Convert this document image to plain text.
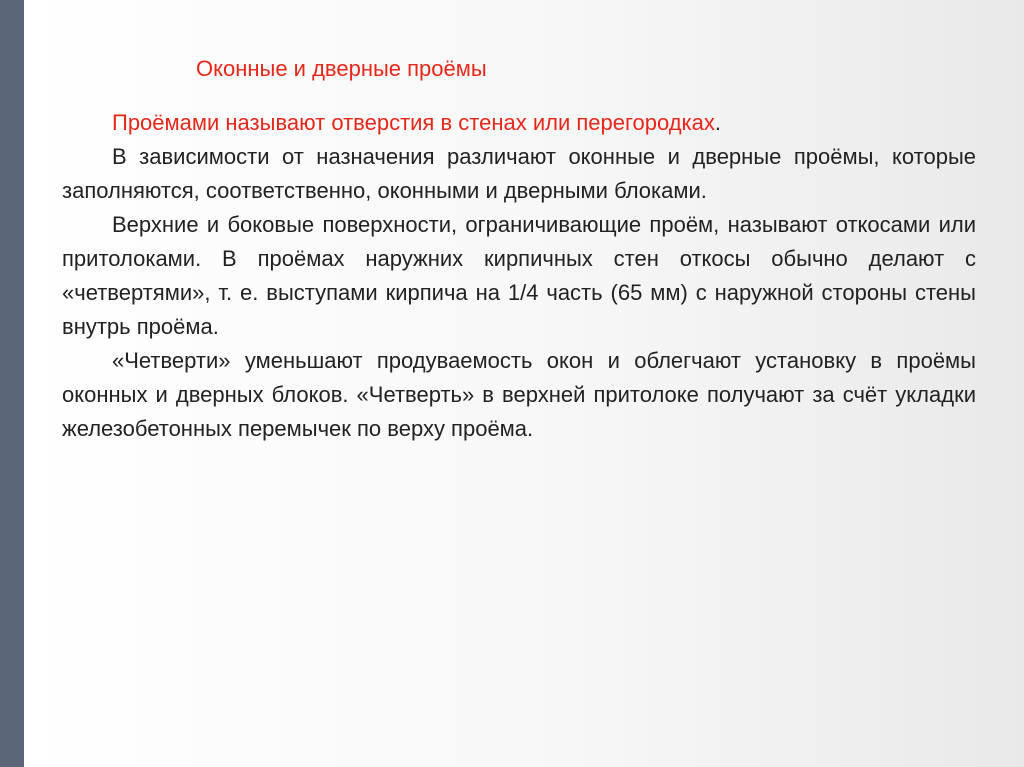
Оконные и дверные проёмы

Проёмами называют отверстия в стенах или перегородках.

В зависимости от назначения различают оконные и дверные проёмы, которые заполняются, соответственно, оконными и дверными блоками.

Верхние и боковые поверхности, ограничивающие проём, называют откосами или притолоками. В проёмах наружних кирпичных стен откосы обычно делают с «четвертями», т. е. выступами кирпича на 1/4 часть (65 мм) с наружной стороны стены внутрь проёма.

«Четверти» уменьшают продуваемость окон и облегчают установку в проёмы оконных и дверных блоков. «Четверть» в верхней притолоке получают за счёт укладки железобетонных перемычек по верху проёма.
